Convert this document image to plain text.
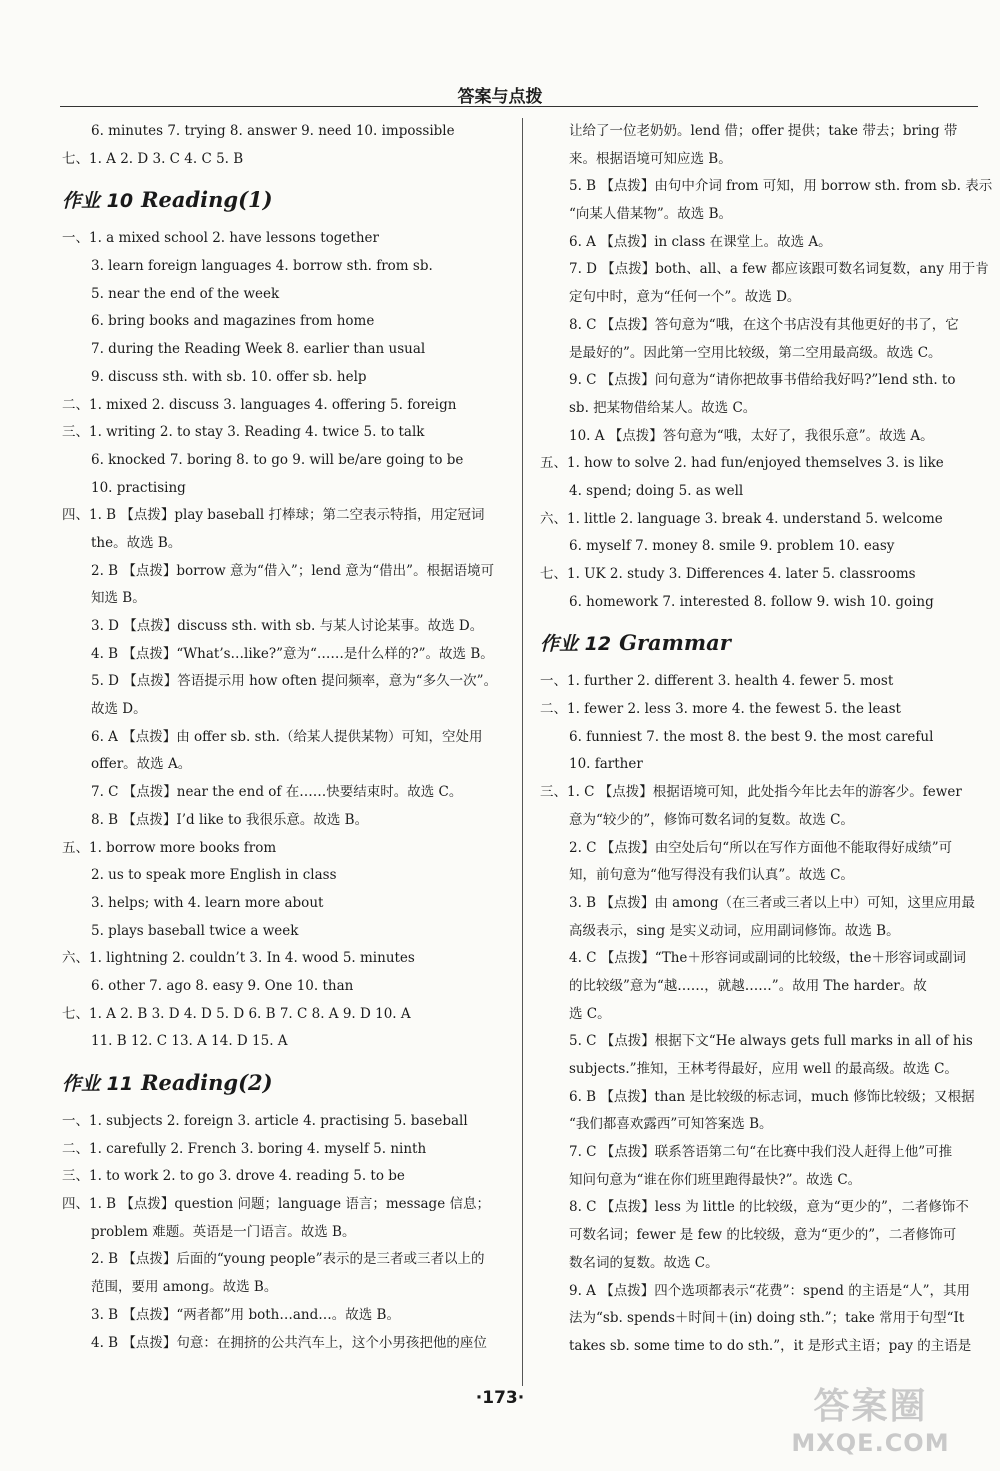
答案与点拨
6. minutes 7. trying 8. answer 9. need 10. impossible
七、1. A 2. D 3. C 4. C 5. B
作业 10 Reading(1)
一、1. a mixed school 2. have lessons together
3. learn foreign languages 4. borrow sth. from sb.
5. near the end of the week
6. bring books and magazines from home
7. during the Reading Week 8. earlier than usual
9. discuss sth. with sb. 10. offer sb. help
二、1. mixed 2. discuss 3. languages 4. offering 5. foreign
三、1. writing 2. to stay 3. Reading 4. twice 5. to talk
6. knocked 7. boring 8. to go 9. will be/are going to be
10. practising
四、1. B 【点拨】play baseball 打棒球；第二空表示特指，用定冠词
the。故选 B。
2. B 【点拨】borrow 意为“借入”；lend 意为“借出”。根据语境可
知选 B。
3. D 【点拨】discuss sth. with sb. 与某人讨论某事。故选 D。
4. B 【点拨】“What’s…like?”意为“……是什么样的?”。故选 B。
5. D 【点拨】答语提示用 how often 提问频率，意为“多久一次”。
故选 D。
6. A 【点拨】由 offer sb. sth.（给某人提供某物）可知，空处用
offer。故选 A。
7. C 【点拨】near the end of 在……快要结束时。故选 C。
8. B 【点拨】I’d like to 我很乐意。故选 B。
五、1. borrow more books from
2. us to speak more English in class
3. helps; with 4. learn more about
5. plays baseball twice a week
六、1. lightning 2. couldn’t 3. In 4. wood 5. minutes
6. other 7. ago 8. easy 9. One 10. than
七、1. A 2. B 3. D 4. D 5. D 6. B 7. C 8. A 9. D 10. A
11. B 12. C 13. A 14. D 15. A
作业 11 Reading(2)
一、1. subjects 2. foreign 3. article 4. practising 5. baseball
二、1. carefully 2. French 3. boring 4. myself 5. ninth
三、1. to work 2. to go 3. drove 4. reading 5. to be
四、1. B 【点拨】question 问题；language 语言；message 信息；
problem 难题。英语是一门语言。故选 B。
2. B 【点拨】后面的“young people”表示的是三者或三者以上的
范围，要用 among。故选 B。
3. B 【点拨】“两者都”用 both…and…。故选 B。
4. B 【点拨】句意：在拥挤的公共汽车上，这个小男孩把他的座位
让给了一位老奶奶。lend 借；offer 提供；take 带去；bring 带
来。根据语境可知应选 B。
5. B 【点拨】由句中介词 from 可知，用 borrow sth. from sb. 表示
“向某人借某物”。故选 B。
6. A 【点拨】in class 在课堂上。故选 A。
7. D 【点拨】both、all、a few 都应该跟可数名词复数，any 用于肯
定句中时，意为“任何一个”。故选 D。
8. C 【点拨】答句意为“哦，在这个书店没有其他更好的书了，它
是最好的”。因此第一空用比较级，第二空用最高级。故选 C。
9. C 【点拨】问句意为“请你把故事书借给我好吗?”lend sth. to
sb. 把某物借给某人。故选 C。
10. A 【点拨】答句意为“哦，太好了，我很乐意”。故选 A。
五、1. how to solve 2. had fun/enjoyed themselves 3. is like
4. spend; doing 5. as well
六、1. little 2. language 3. break 4. understand 5. welcome
6. myself 7. money 8. smile 9. problem 10. easy
七、1. UK 2. study 3. Differences 4. later 5. classrooms
6. homework 7. interested 8. follow 9. wish 10. going
作业 12 Grammar
一、1. further 2. different 3. health 4. fewer 5. most
二、1. fewer 2. less 3. more 4. the fewest 5. the least
6. funniest 7. the most 8. the best 9. the most careful
10. farther
三、1. C 【点拨】根据语境可知，此处指今年比去年的游客少。fewer
意为“较少的”，修饰可数名词的复数。故选 C。
2. C 【点拨】由空处后句“所以在写作方面他不能取得好成绩”可
知，前句意为“他写得没有我们认真”。故选 C。
3. B 【点拨】由 among（在三者或三者以上中）可知，这里应用最
高级表示，sing 是实义动词，应用副词修饰。故选 B。
4. C 【点拨】“The＋形容词或副词的比较级，the＋形容词或副词
的比较级”意为“越……，就越……”。故用 The harder。故
选 C。
5. C 【点拨】根据下文“He always gets full marks in all of his
subjects.”推知，王林考得最好，应用 well 的最高级。故选 C。
6. B 【点拨】than 是比较级的标志词，much 修饰比较级；又根据
“我们都喜欢露西”可知答案选 B。
7. C 【点拨】联系答语第二句“在比赛中我们没人赶得上他”可推
知问句意为“谁在你们班里跑得最快?”。故选 C。
8. C 【点拨】less 为 little 的比较级，意为“更少的”，二者修饰不
可数名词；fewer 是 few 的比较级，意为“更少的”，二者修饰可
数名词的复数。故选 C。
9. A 【点拨】四个选项都表示“花费”：spend 的主语是“人”，其用
法为“sb. spends＋时间＋(in) doing sth.”；take 常用于句型“It
takes sb. some time to do sth.”，it 是形式主语；pay 的主语是
·173·	答案圈
MXQE.COM
